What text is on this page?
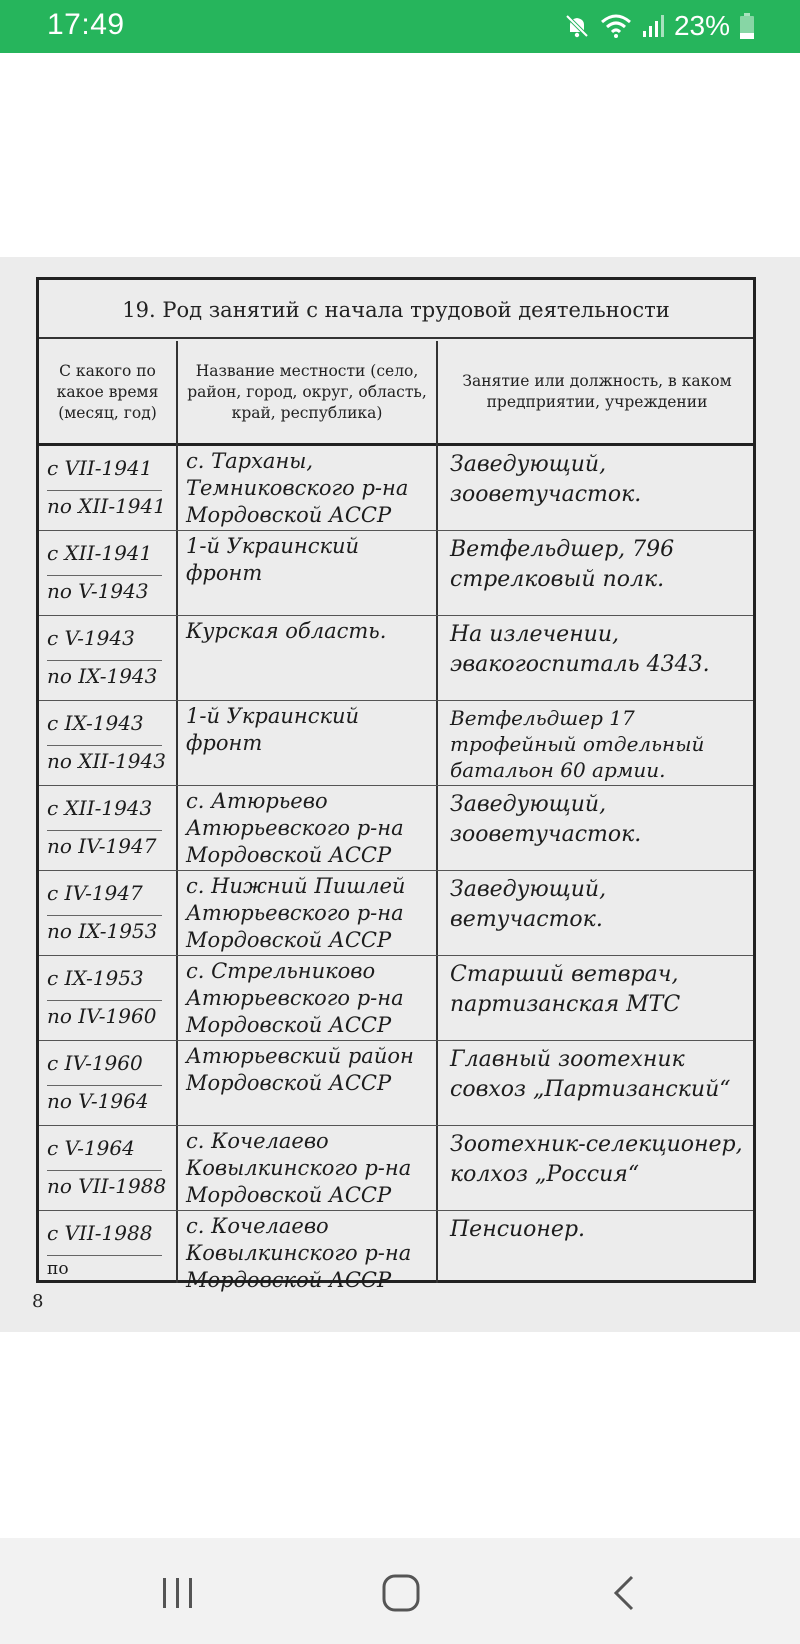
17:49	23%
19. Род занятий с начала трудовой деятельности
С какого по какое время (месяц, год)
Название местности (село, район, город, округ, область, край, республика)
Занятие или должность, в каком предприятии, учреждении
с VII-1941
по XII-1941
с. Тарханы, Темниковского р-на Мордовской АССР
Заведующий, зооветучасток.
с XII-1941
по V-1943
1-й Украинский фронт
Ветфельдшер, 796 стрелковый полк.
с V-1943
по IX-1943
Курская область.	На излечении, эвакогоспиталь 4343.
с IX-1943
по XII-1943
1-й Украинский фронт
Ветфельдшер 17 трофейный отдельный батальон 60 армии.
с XII-1943
по IV-1947
с. Атюрьево Атюрьевского р-на Мордовской АССР
Заведующий, зооветучасток.
с IV-1947
по IX-1953
с. Нижний Пишлей Атюрьевского р-на Мордовской АССР
Заведующий, ветучасток.
с IX-1953
по IV-1960
с. Стрельниково Атюрьевского р-на Мордовской АССР
Старший ветврач, партизанская МТС
с IV-1960
по V-1964
Атюрьевский район Мордовской АССР
Главный зоотехник совхоз „Партизанский“
с V-1964
по VII-1988
с. Кочелаево Ковылкинского р-на Мордовской АССР
Зоотехник-селекционер, колхоз „Россия“
с VII-1988
по
с. Кочелаево Ковылкинского р-на Мордовской АССР
Пенсионер.
8
